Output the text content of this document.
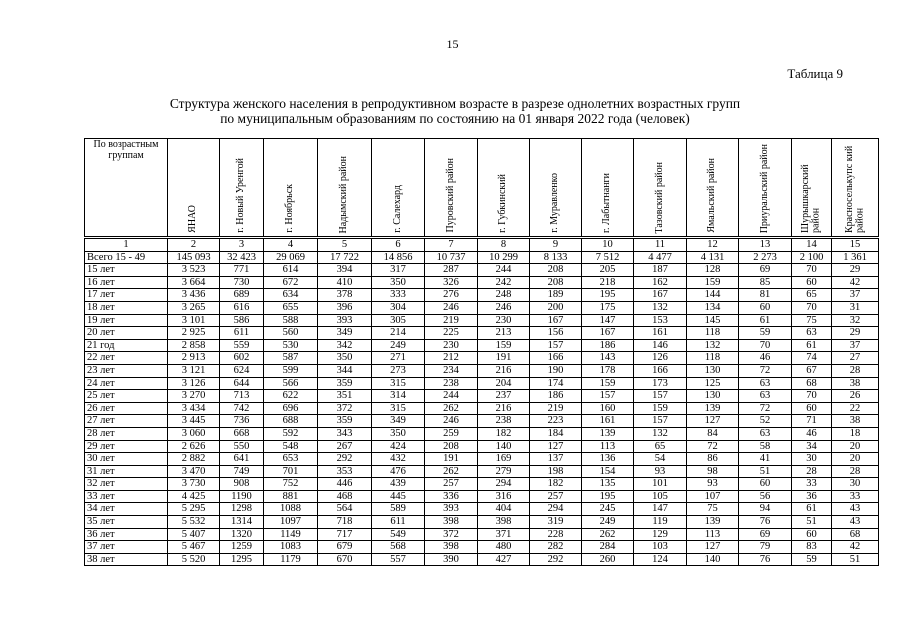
15
Таблица 9
Структура женского населения в репродуктивном возрасте в разрезе однолетних возрастных групп
по муниципальным образованиям по состоянию на 01 января 2022 года (человек)
По возрастным группам	ЯНАО	г. Новый Уренгой	г. Ноябрьск	Надымский район	г. Салехард	Пуровский район	г. Губкинский	г. Муравленко	г. Лабытнанги	Тазовский район	Ямальский район	Приуральский район	Шурышкарский район	Красноселькупс кий район

1	2	3	4	5	6	7	8	9	10	11	12	13	14	15
Всего 15 - 49	145 093	32 423	29 069	17 722	14 856	10 737	10 299	8 133	7 512	4 477	4 131	2 273	2 100	1 361
15 лет	3 523	771	614	394	317	287	244	208	205	187	128	69	70	29
16 лет	3 664	730	672	410	350	326	242	208	218	162	159	85	60	42
17 лет	3 436	689	634	378	333	276	248	189	195	167	144	81	65	37
18 лет	3 265	616	655	396	304	246	246	200	175	132	134	60	70	31
19 лет	3 101	586	588	393	305	219	230	167	147	153	145	61	75	32
20 лет	2 925	611	560	349	214	225	213	156	167	161	118	59	63	29
21 год	2 858	559	530	342	249	230	159	157	186	146	132	70	61	37
22 лет	2 913	602	587	350	271	212	191	166	143	126	118	46	74	27
23 лет	3 121	624	599	344	273	234	216	190	178	166	130	72	67	28
24 лет	3 126	644	566	359	315	238	204	174	159	173	125	63	68	38
25 лет	3 270	713	622	351	314	244	237	186	157	157	130	63	70	26
26 лет	3 434	742	696	372	315	262	216	219	160	159	139	72	60	22
27 лет	3 445	736	688	359	349	246	238	223	161	157	127	52	71	38
28 лет	3 060	668	592	343	350	259	182	184	139	132	84	63	46	18
29 лет	2 626	550	548	267	424	208	140	127	113	65	72	58	34	20
30 лет	2 882	641	653	292	432	191	169	137	136	54	86	41	30	20
31 лет	3 470	749	701	353	476	262	279	198	154	93	98	51	28	28
32 лет	3 730	908	752	446	439	257	294	182	135	101	93	60	33	30
33 лет	4 425	1190	881	468	445	336	316	257	195	105	107	56	36	33
34 лет	5 295	1298	1088	564	589	393	404	294	245	147	75	94	61	43
35 лет	5 532	1314	1097	718	611	398	398	319	249	119	139	76	51	43
36 лет	5 407	1320	1149	717	549	372	371	228	262	129	113	69	60	68
37 лет	5 467	1259	1083	679	568	398	480	282	284	103	127	79	83	42
38 лет	5 520	1295	1179	670	557	390	427	292	260	124	140	76	59	51
